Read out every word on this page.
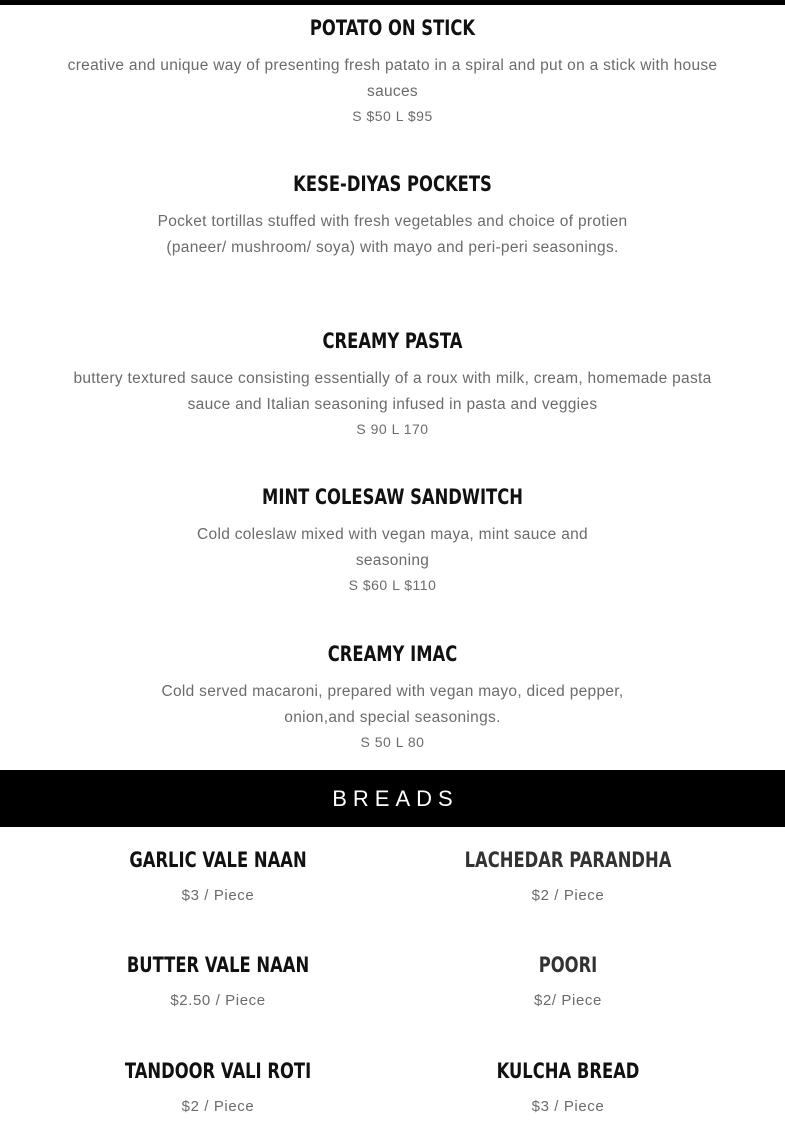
POTATO ON STICK
creative and unique way of presenting fresh patato in a spiral and put on a stick with house sauces
S $50 L $95
KESE-DIYAS POCKETS
Pocket tortillas stuffed with fresh vegetables and choice of protien (paneer/ mushroom/ soya) with mayo and peri-peri seasonings.
CREAMY PASTA
buttery textured sauce consisting essentially of a roux with milk, cream, homemade pasta sauce and Italian seasoning infused in pasta and veggies
S 90 L 170
MINT COLESAW SANDWITCH
Cold coleslaw mixed with vegan maya, mint sauce and seasoning
S $60 L $110
CREAMY IMAC
Cold served macaroni, prepared with vegan mayo, diced pepper, onion,and special seasonings.
S 50 L 80
BREADS
GARLIC VALE NAAN
$3 / Piece
LACHEDAR PARANDHA
$2 / Piece
BUTTER VALE NAAN
$2.50 / Piece
POORI
$2/ Piece
TANDOOR VALI ROTI
$2 / Piece
KULCHA BREAD
$3 / Piece
